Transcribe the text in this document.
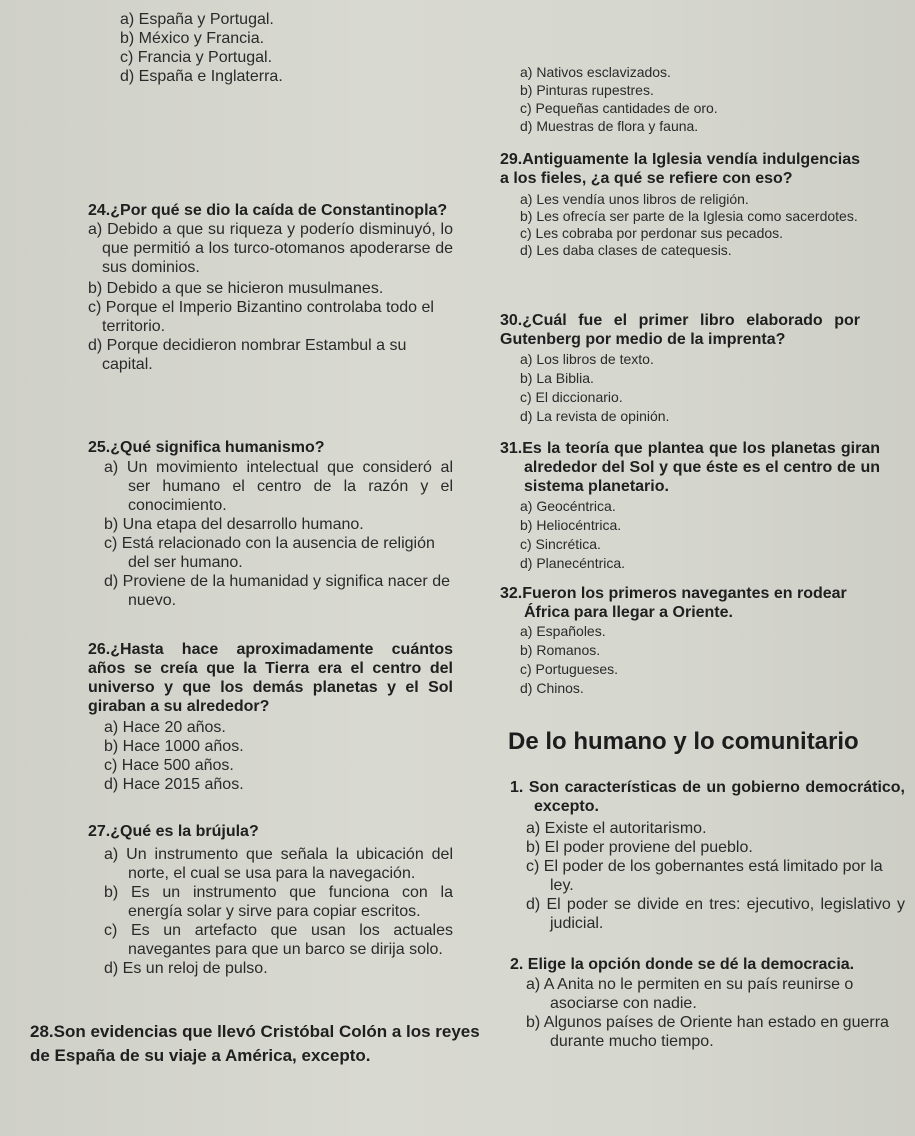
a) España y Portugal.
b) México y Francia.
c) Francia y Portugal.
d) España e Inglaterra.	a) Nativos esclavizados.
b) Pinturas rupestres.
c) Pequeñas cantidades de oro.
d) Muestras de flora y fauna.
24.¿Por qué se dio la caída de Constantinopla?
a) Debido a que su riqueza y poderío disminuyó, lo que permitió a los turco-otomanos apoderarse de sus dominios.
b) Debido a que se hicieron musulmanes.
c) Porque el Imperio Bizantino controlaba todo el territorio.
d) Porque decidieron nombrar Estambul a su capital.
25.¿Qué significa humanismo?
a) Un movimiento intelectual que consideró al ser humano el centro de la razón y el conocimiento.
b) Una etapa del desarrollo humano.
c) Está relacionado con la ausencia de religión del ser humano.
d) Proviene de la humanidad y significa nacer de nuevo.
26.¿Hasta hace aproximadamente cuántos años se creía que la Tierra era el centro del universo y que los demás planetas y el Sol giraban a su alrededor?
a) Hace 20 años.
b) Hace 1000 años.
c) Hace 500 años.
d) Hace 2015 años.
27.¿Qué es la brújula?
a) Un instrumento que señala la ubicación del norte, el cual se usa para la navegación.
b) Es un instrumento que funciona con la energía solar y sirve para copiar escritos.
c) Es un artefacto que usan los actuales navegantes para que un barco se dirija solo.
d) Es un reloj de pulso.
28.Son evidencias que llevó Cristóbal Colón a los reyes de España de su viaje a América, excepto.
29.Antiguamente la Iglesia vendía indulgencias a los fieles, ¿a qué se refiere con eso?
a) Les vendía unos libros de religión.
b) Les ofrecía ser parte de la Iglesia como sacerdotes.
c) Les cobraba por perdonar sus pecados.
d) Les daba clases de catequesis.
30.¿Cuál fue el primer libro elaborado por Gutenberg por medio de la imprenta?
a) Los libros de texto.
b) La Biblia.
c) El diccionario.
d) La revista de opinión.
31.Es la teoría que plantea que los planetas giran alrededor del Sol y que éste es el centro de un sistema planetario.
a) Geocéntrica.
b) Heliocéntrica.
c) Sincrética.
d) Planecéntrica.
32.Fueron los primeros navegantes en rodear África para llegar a Oriente.
a) Españoles.
b) Romanos.
c) Portugueses.
d) Chinos.
De lo humano y lo comunitario
1. Son características de un gobierno democrático, excepto.
a) Existe el autoritarismo.
b) El poder proviene del pueblo.
c) El poder de los gobernantes está limitado por la ley.
d) El poder se divide en tres: ejecutivo, legislativo y judicial.
2. Elige la opción donde se dé la democracia.
a) A Anita no le permiten en su país reunirse o asociarse con nadie.
b) Algunos países de Oriente han estado en guerra durante mucho tiempo.
